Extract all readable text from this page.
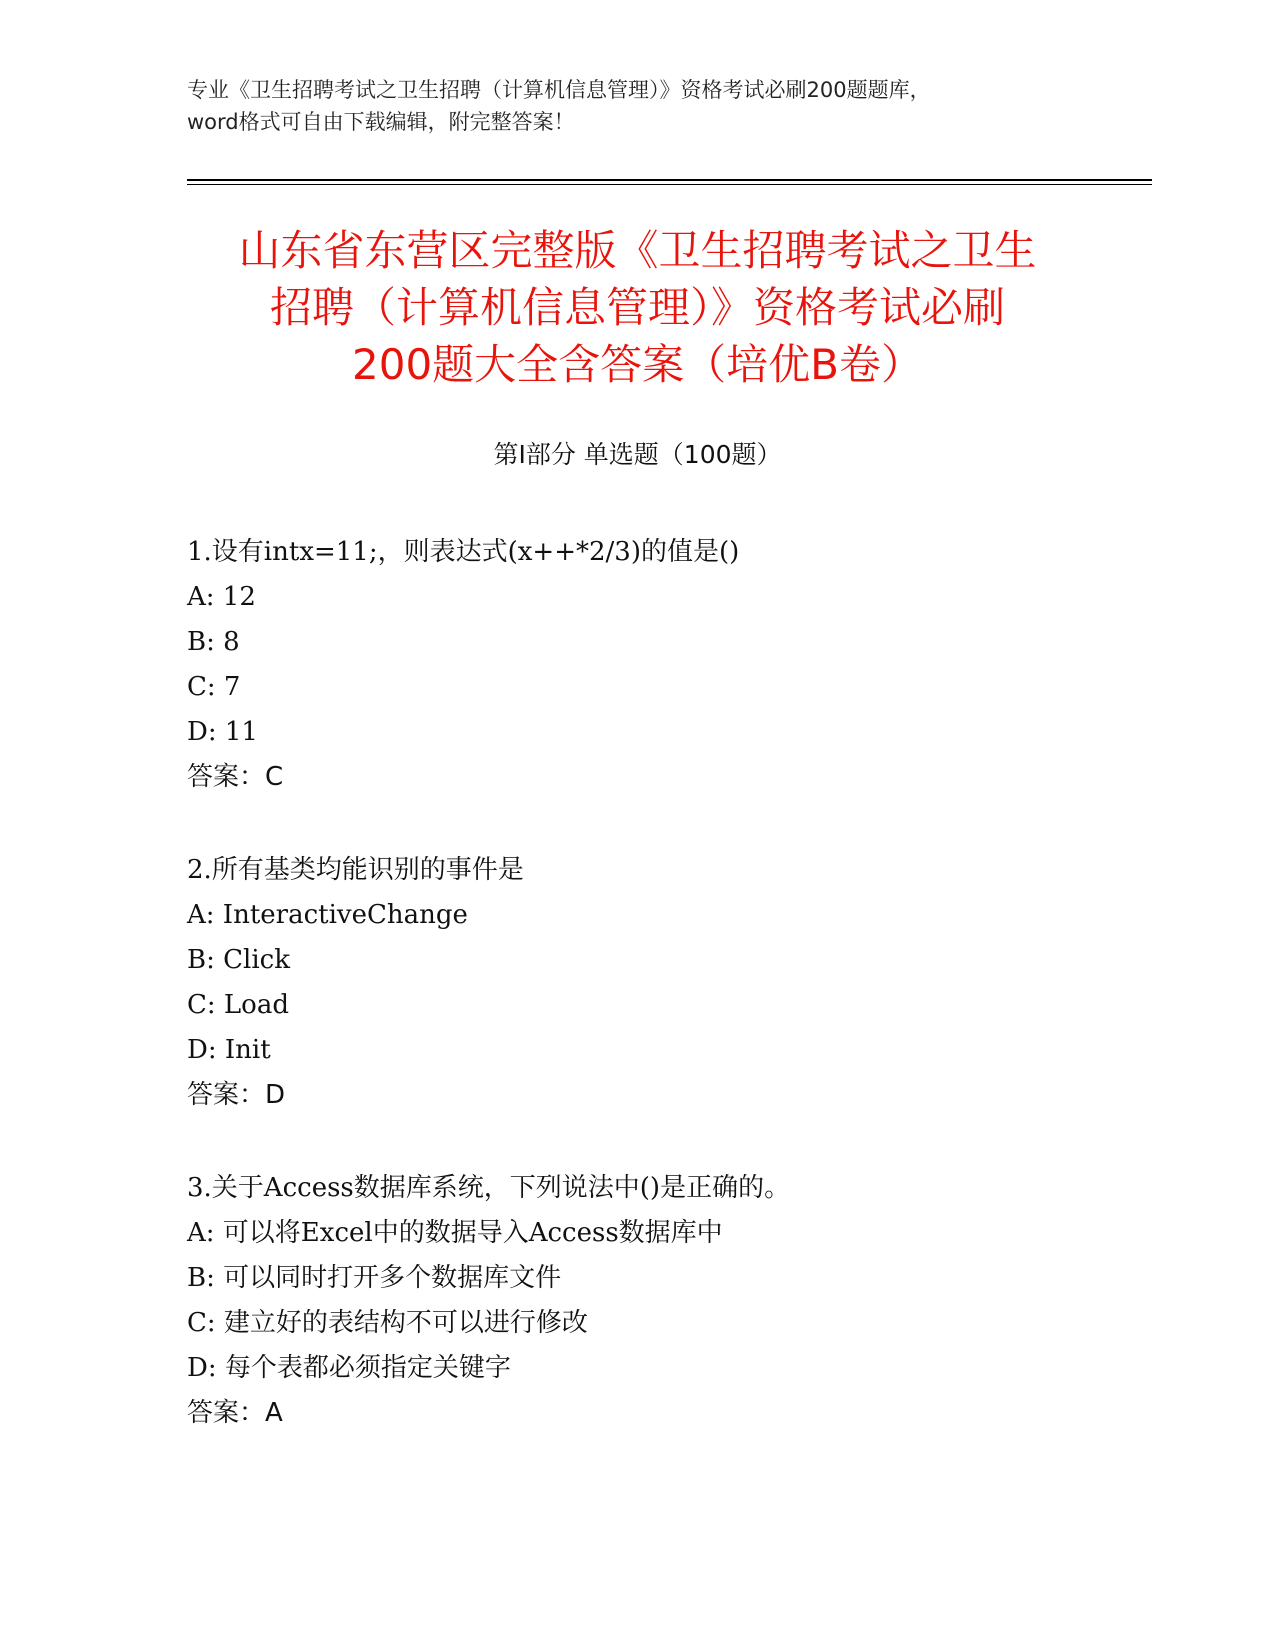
专业《卫生招聘考试之卫生招聘（计算机信息管理）》资格考试必刷200题题库，
word格式可自由下载编辑，附完整答案！
山东省东营区完整版《卫生招聘考试之卫生
招聘（计算机信息管理）》资格考试必刷
200题大全含答案（培优B卷）
第Ⅰ部分 单选题（100题）
1.设有intx=11;，则表达式(x++*2/3)的值是()
A: 12
B: 8
C: 7
D: 11
答案：C
2.所有基类均能识别的事件是
A: InteractiveChange
B: Click
C: Load
D: Init
答案：D
3.关于Access数据库系统，下列说法中()是正确的。
A: 可以将Excel中的数据导入Access数据库中
B: 可以同时打开多个数据库文件
C: 建立好的表结构不可以进行修改
D: 每个表都必须指定关键字
答案：A
